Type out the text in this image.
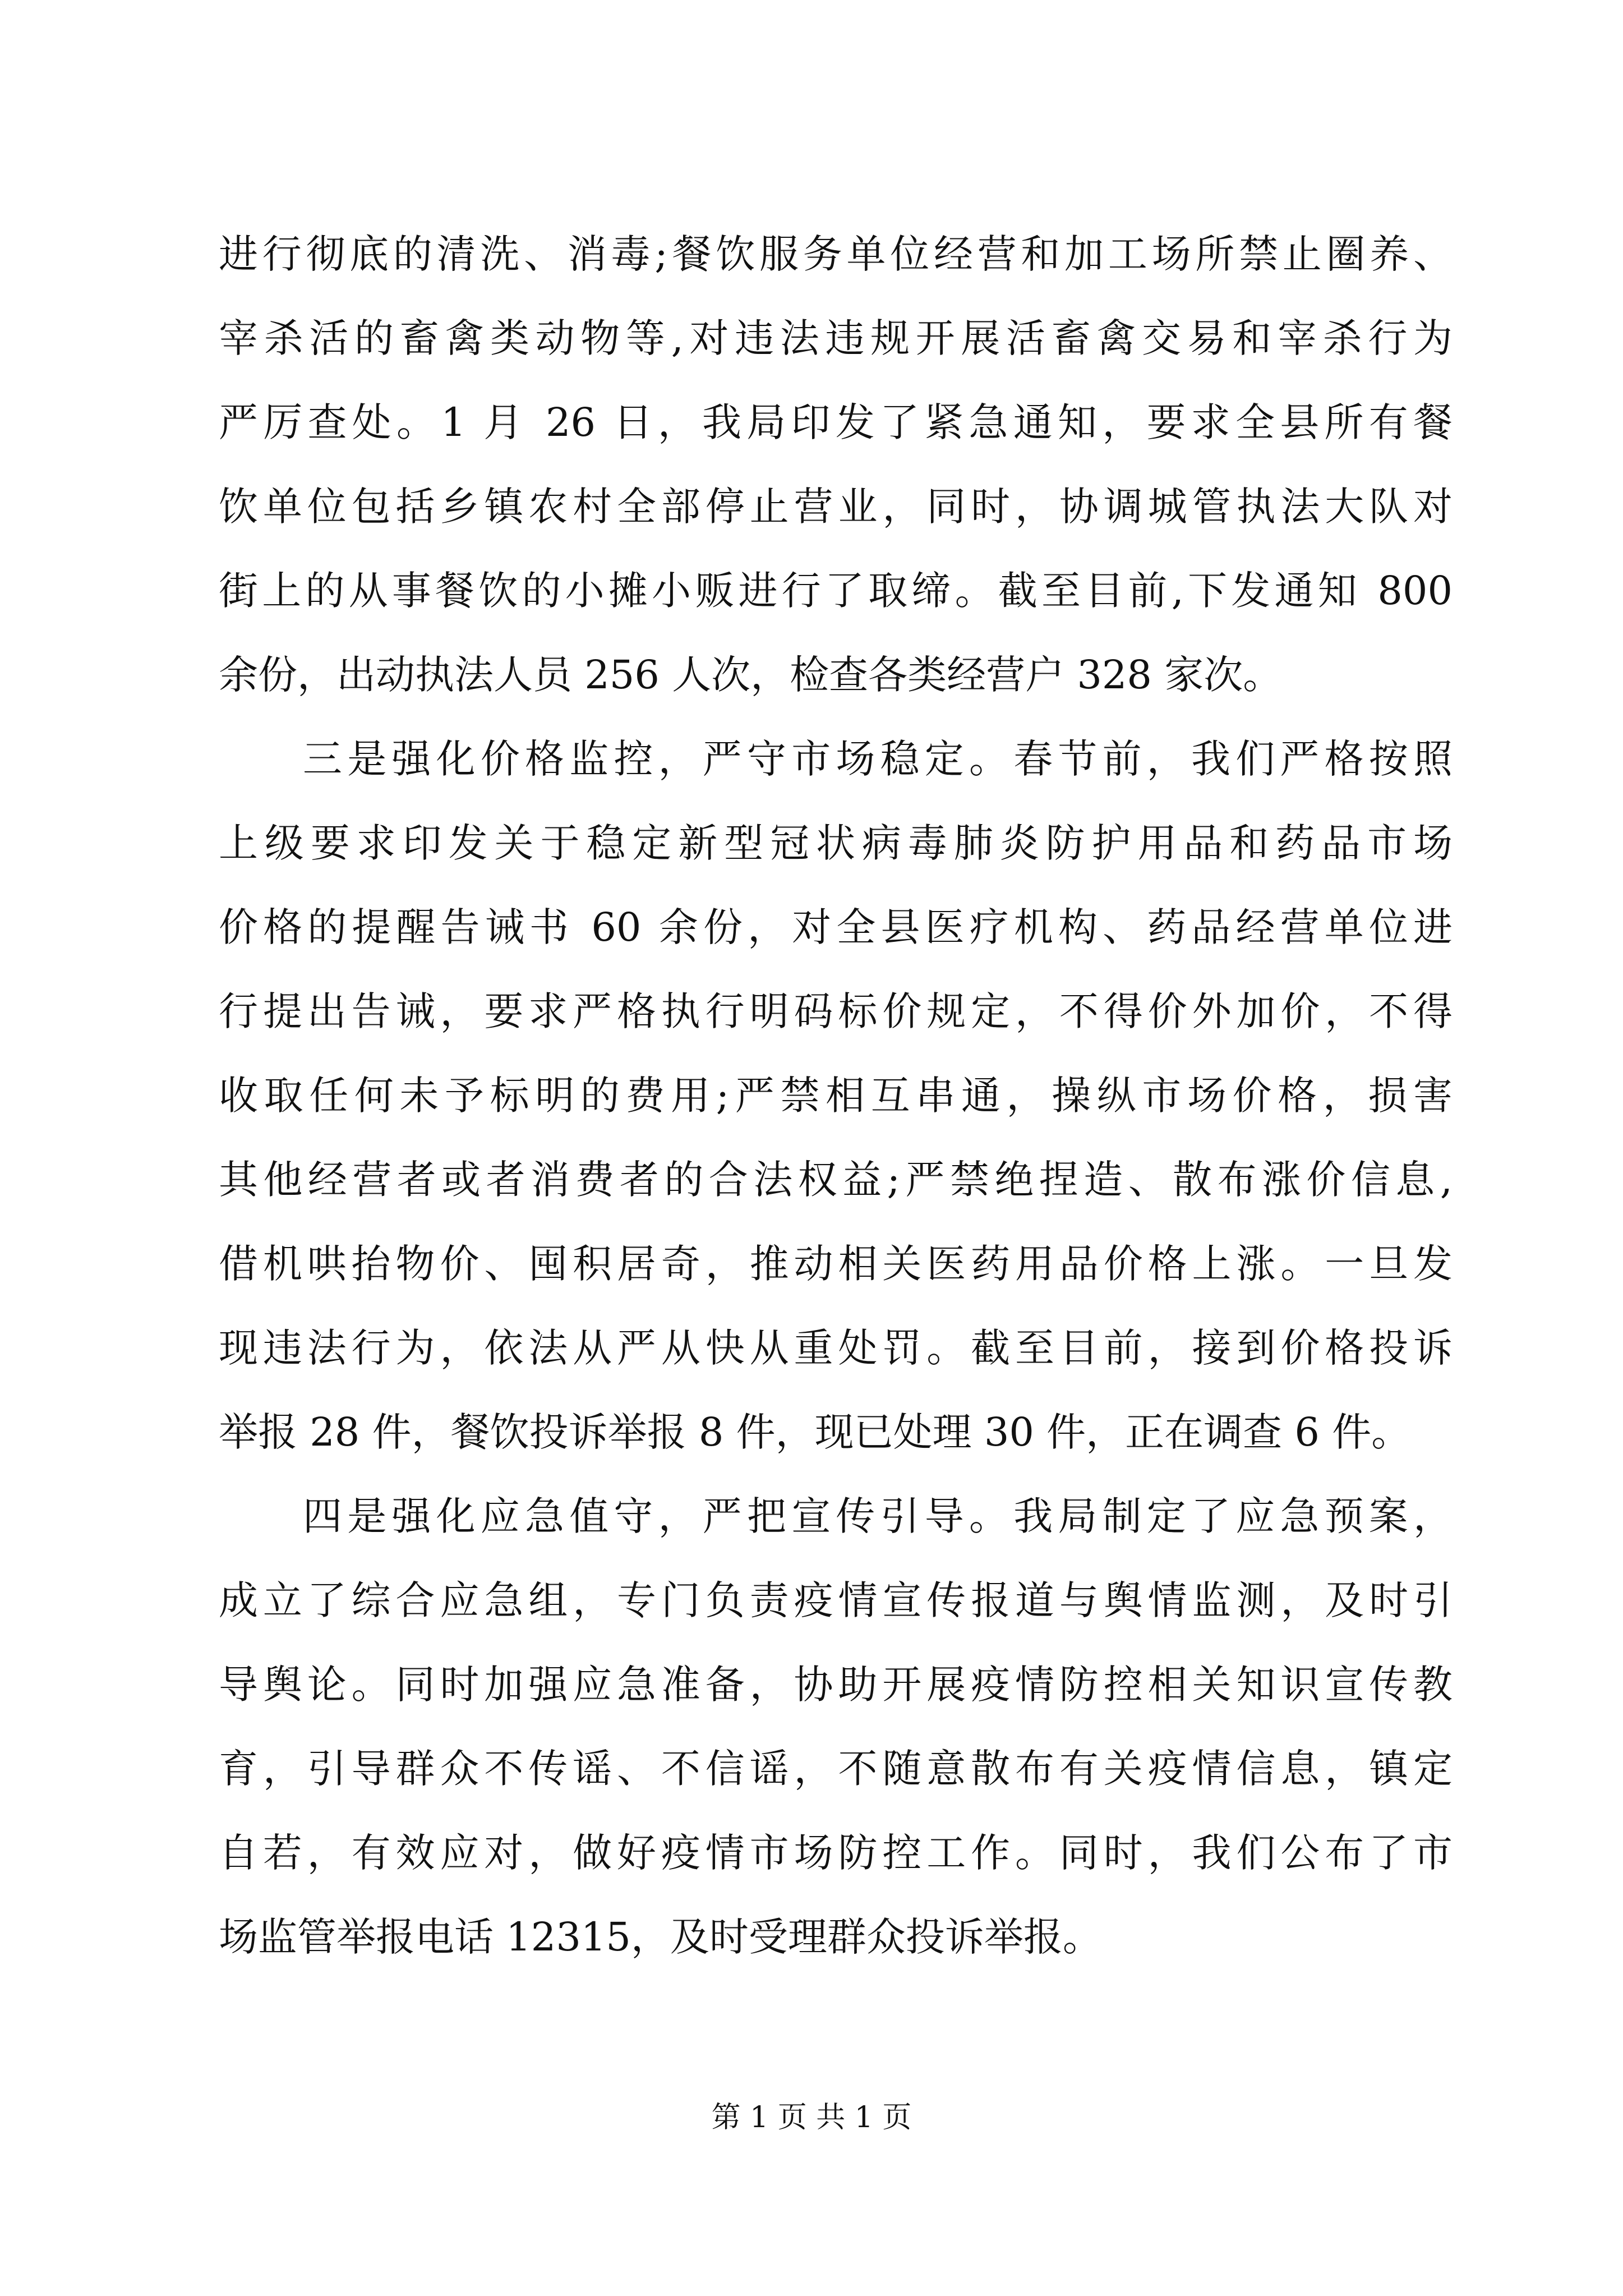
进行彻底的清洗、消毒;餐饮服务单位经营和加工场所禁止圈养、
宰杀活的畜禽类动物等,对违法违规开展活畜禽交易和宰杀行为
严厉查处。1 月 26 日，我局印发了紧急通知，要求全县所有餐
饮单位包括乡镇农村全部停止营业，同时，协调城管执法大队对
街上的从事餐饮的小摊小贩进行了取缔。截至目前,下发通知 800
余份，出动执法人员 256 人次，检查各类经营户 328 家次。
三是强化价格监控，严守市场稳定。春节前，我们严格按照
上级要求印发关于稳定新型冠状病毒肺炎防护用品和药品市场
价格的提醒告诫书 60 余份，对全县医疗机构、药品经营单位进
行提出告诫，要求严格执行明码标价规定，不得价外加价，不得
收取任何未予标明的费用;严禁相互串通，操纵市场价格，损害
其他经营者或者消费者的合法权益;严禁绝捏造、散布涨价信息,
借机哄抬物价、囤积居奇，推动相关医药用品价格上涨。一旦发
现违法行为，依法从严从快从重处罚。截至目前，接到价格投诉
举报 28 件，餐饮投诉举报 8 件，现已处理 30 件，正在调查 6 件。
四是强化应急值守，严把宣传引导。我局制定了应急预案，
成立了综合应急组，专门负责疫情宣传报道与舆情监测，及时引
导舆论。同时加强应急准备，协助开展疫情防控相关知识宣传教
育，引导群众不传谣、不信谣，不随意散布有关疫情信息，镇定
自若，有效应对，做好疫情市场防控工作。同时，我们公布了市
场监管举报电话 12315，及时受理群众投诉举报。
第 1 页 共 1 页
